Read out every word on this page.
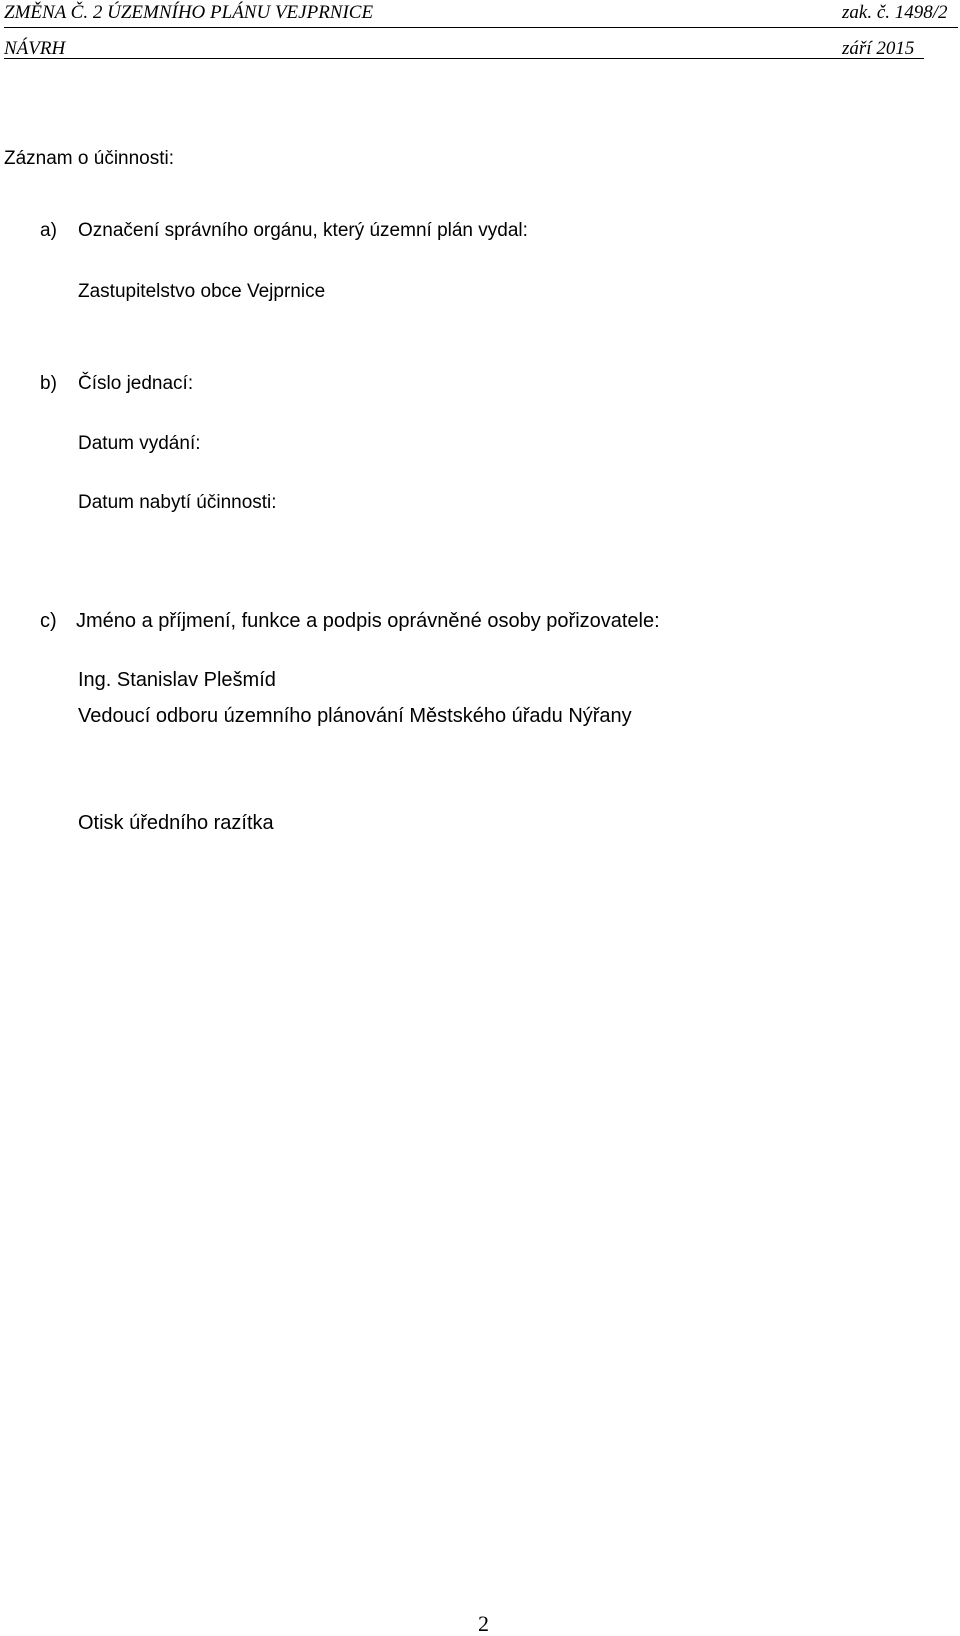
ZMĚNA Č. 2 ÚZEMNÍHO PLÁNU VEJPRNICE	zak. č. 1498/2
NÁVRH	září 2015
Záznam o účinnosti:
a) Označení správního orgánu, který územní plán vydal:
Zastupitelstvo obce Vejprnice
b) Číslo jednací:
Datum vydání:
Datum nabytí účinnosti:
c) Jméno a příjmení, funkce a podpis oprávněné osoby pořizovatele:
Ing. Stanislav Plešmíd
Vedoucí odboru územního plánování Městského úřadu Nýřany
Otisk úředního razítka
2
